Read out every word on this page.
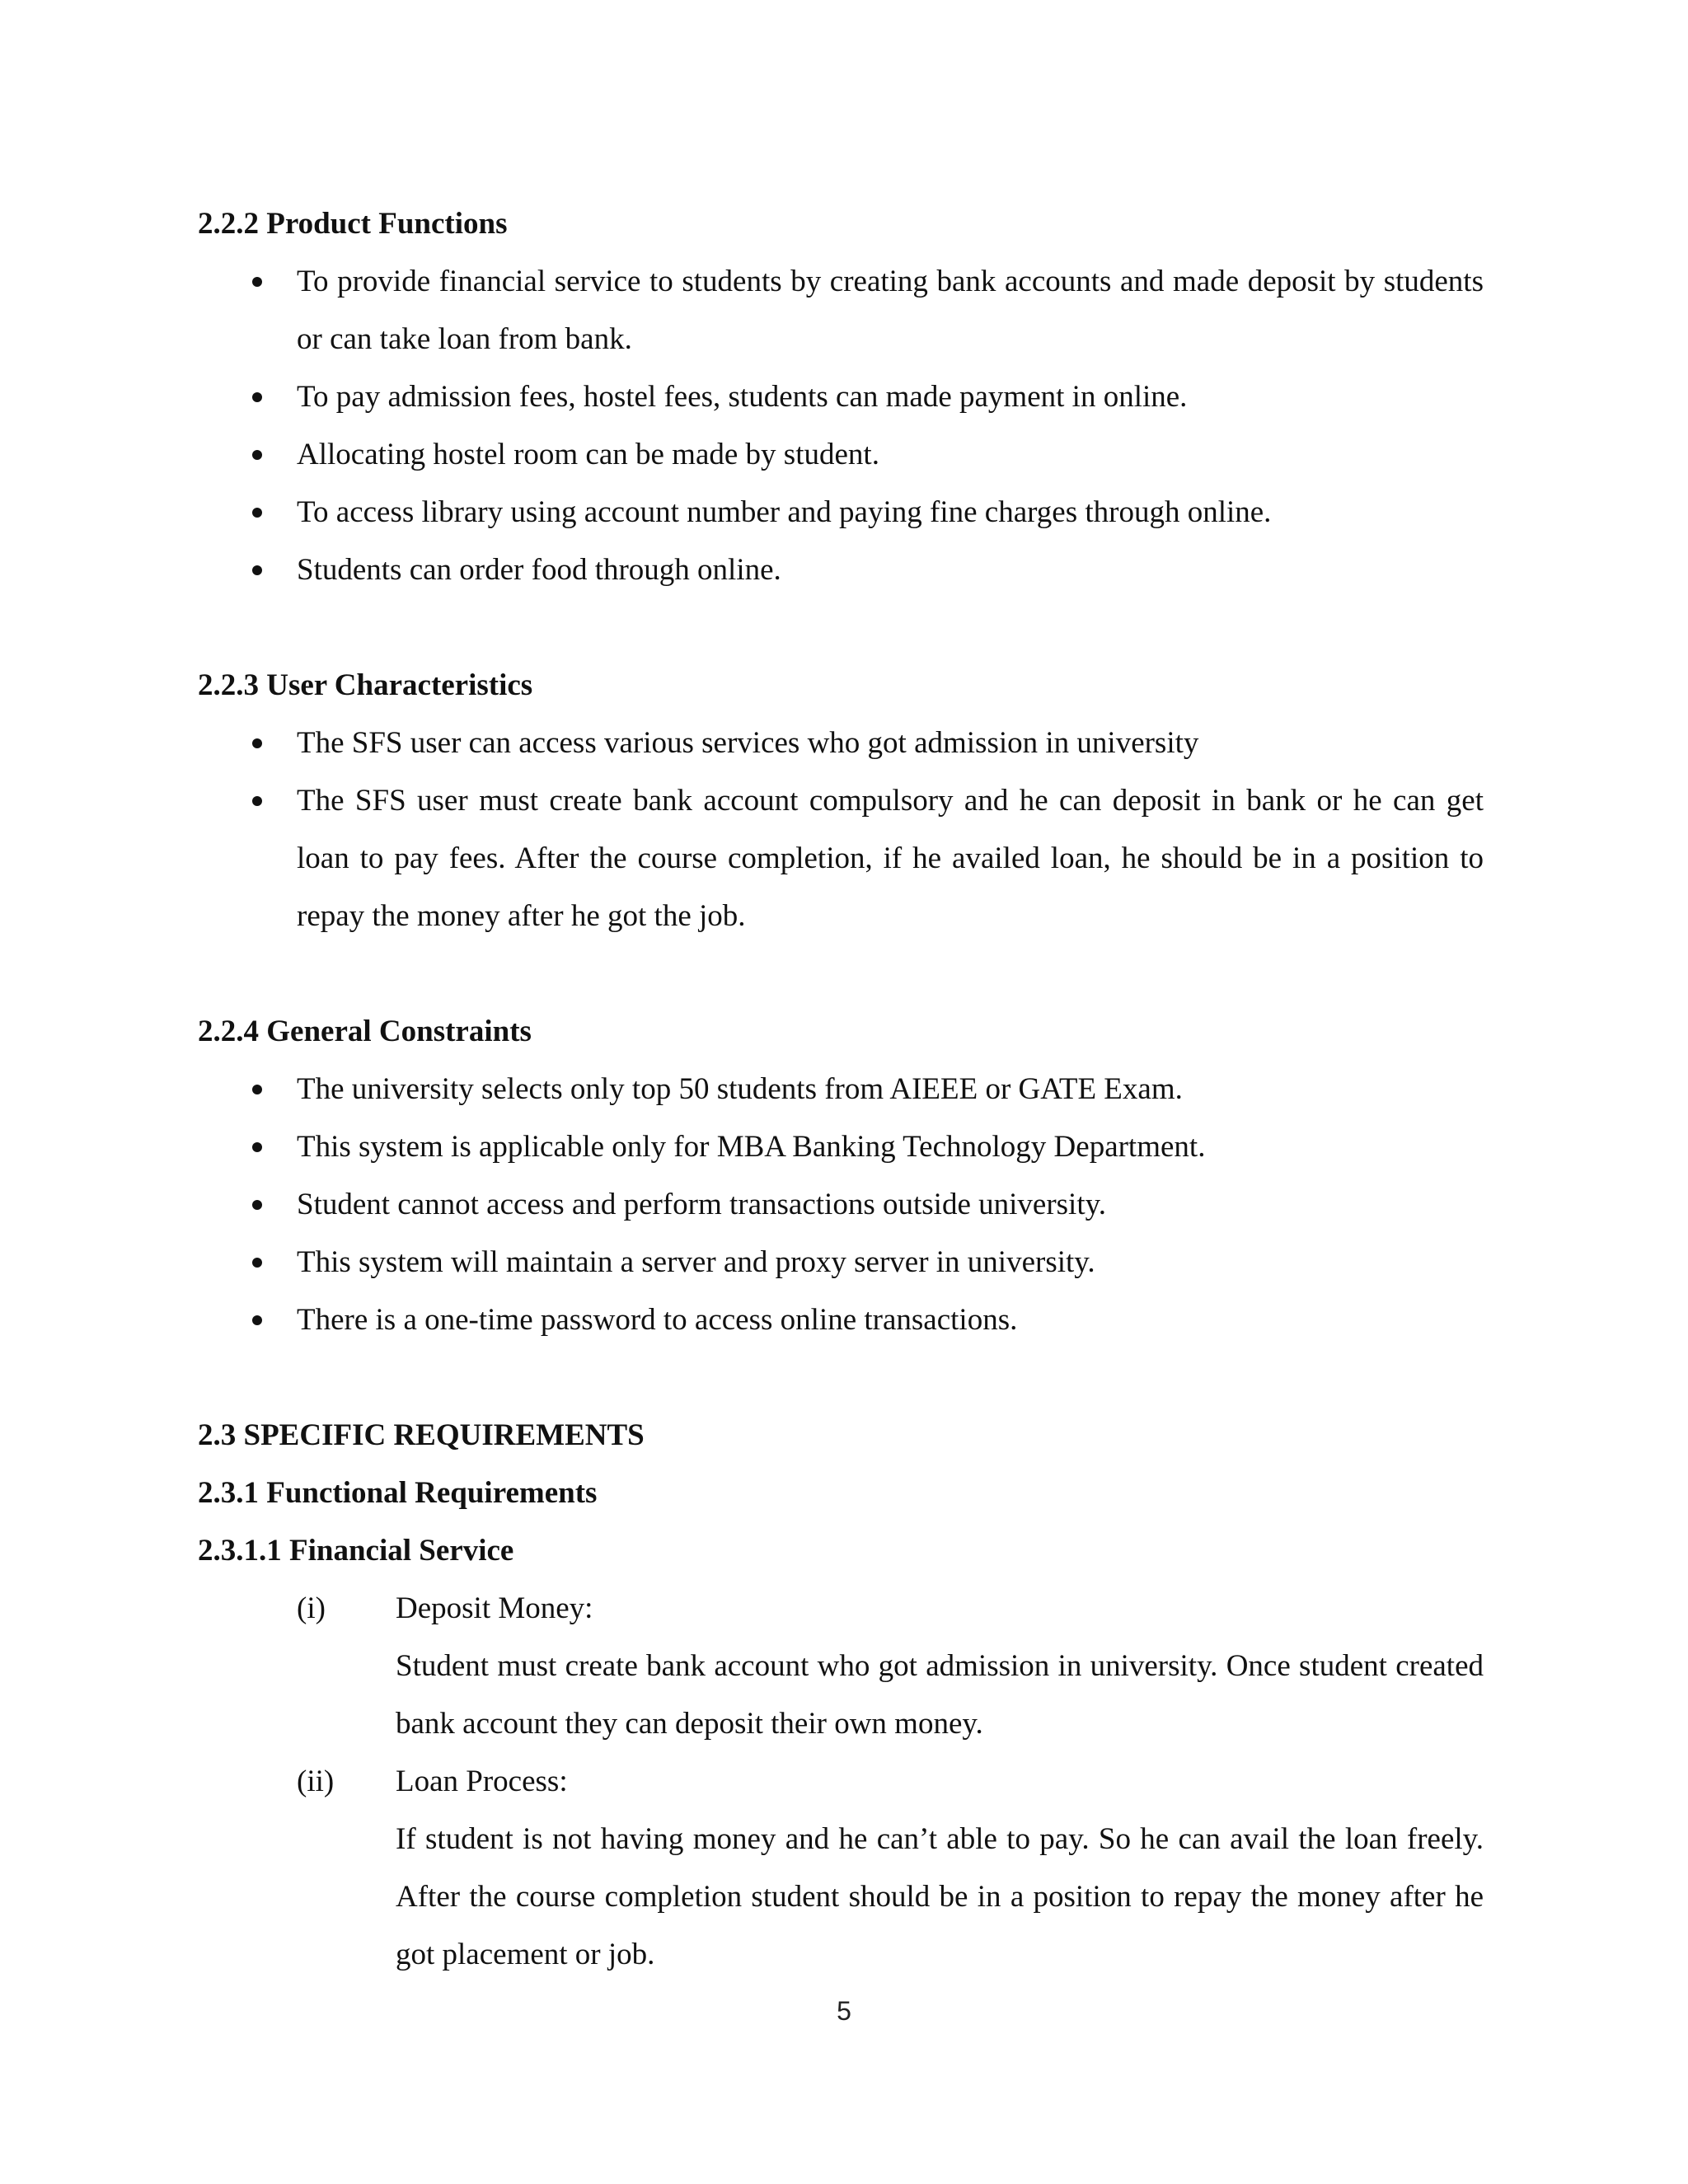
2.2.2 Product Functions
To provide financial service to students by creating bank accounts and made deposit by students or can take loan from bank.
To pay admission fees, hostel fees, students can made payment in online.
Allocating hostel room can be made by student.
To access library using account number and paying fine charges through online.
Students can order food through online.
2.2.3 User Characteristics
The SFS user can access various services who got admission in university
The SFS user must create bank account compulsory and he can deposit in bank or he can get loan to pay fees. After the course completion, if he availed loan, he should be in a position to repay the money after he got the job.
2.2.4 General Constraints
The university selects only top 50 students from AIEEE or GATE Exam.
This system is applicable only for MBA Banking Technology Department.
Student cannot access and perform transactions outside university.
This system will maintain a server and proxy server in university.
There is a one-time password to access online transactions.
2.3 SPECIFIC REQUIREMENTS
2.3.1 Functional Requirements
2.3.1.1 Financial Service
(i) Deposit Money:

Student must create bank account who got admission in university. Once student created bank account they can deposit their own money.

(ii) Loan Process:

If student is not having money and he can’t able to pay. So he can avail the loan freely. After the course completion student should be in a position to repay the money after he got placement or job.

5
